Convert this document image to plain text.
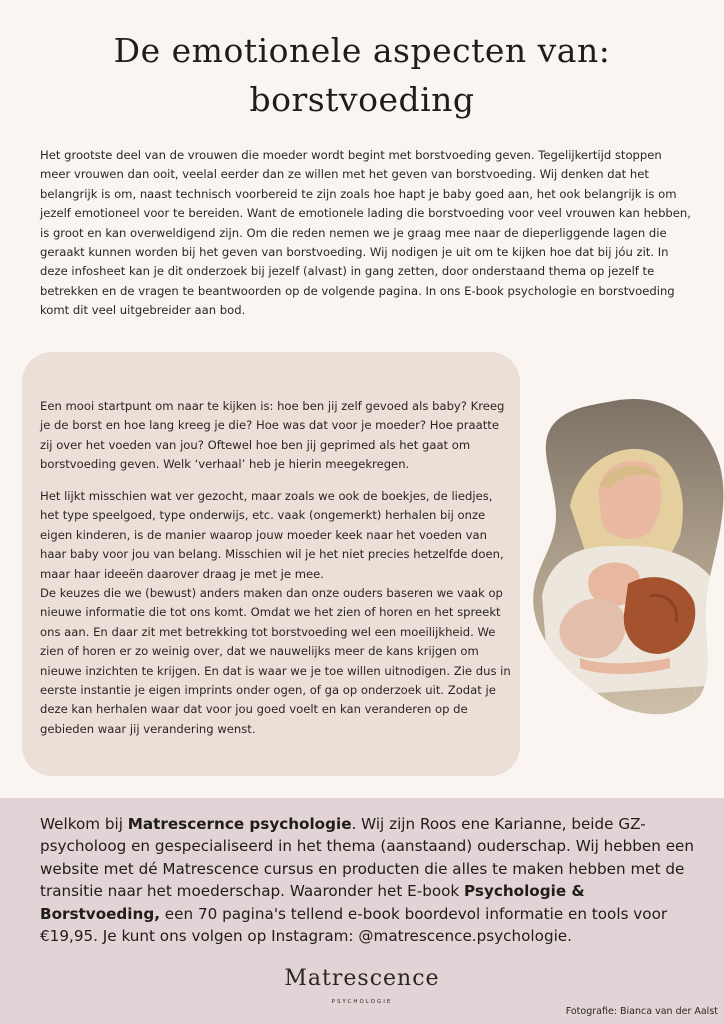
De emotionele aspecten van:
borstvoeding

Het grootste deel van de vrouwen die moeder wordt begint met borstvoeding geven. Tegelijkertijd stoppen meer vrouwen dan ooit, veelal eerder dan ze willen met het geven van borstvoeding. Wij denken dat het belangrijk is om, naast technisch voorbereid te zijn zoals hoe hapt je baby goed aan, het ook belangrijk is om jezelf emotioneel voor te bereiden. Want de emotionele lading die borstvoeding voor veel vrouwen kan hebben, is groot en kan overweldigend zijn. Om die reden nemen we je graag mee naar de dieperliggende lagen die geraakt kunnen worden bij het geven van borstvoeding. Wij nodigen je uit om te kijken hoe dat bij jóu zit. In deze infosheet kan je dit onderzoek bij jezelf (alvast) in gang zetten, door onderstaand thema op jezelf te betrekken en de vragen te beantwoorden op de volgende pagina. In ons E-book psychologie en borstvoeding komt dit veel uitgebreider aan bod.

Een mooi startpunt om naar te kijken is: hoe ben jij zelf gevoed als baby? Kreeg je de borst en hoe lang kreeg je die? Hoe was dat voor je moeder? Hoe praatte zij over het voeden van jou? Oftewel hoe ben jij geprimed als het gaat om borstvoeding geven. Welk ‘verhaal’ heb je hierin meegekregen.

Het lijkt misschien wat ver gezocht, maar zoals we ook de boekjes, de liedjes, het type speelgoed, type onderwijs, etc. vaak (ongemerkt) herhalen bij onze eigen kinderen, is de manier waarop jouw moeder keek naar het voeden van haar baby voor jou van belang. Misschien wil je het niet precies hetzelfde doen, maar haar ideeën daarover draag je met je mee.
De keuzes die we (bewust) anders maken dan onze ouders baseren we vaak op nieuwe informatie die tot ons komt. Omdat we het zien of horen en het spreekt ons aan. En daar zit met betrekking tot borstvoeding wel een moeilijkheid. We zien of horen er zo weinig over, dat we nauwelijks meer de kans krijgen om nieuwe inzichten te krijgen. En dat is waar we je toe willen uitnodigen. Zie dus in eerste instantie je eigen imprints onder ogen, of ga op onderzoek uit. Zodat je deze kan herhalen waar dat voor jou goed voelt en kan veranderen op de gebieden waar jij verandering wenst.

Welkom bij Matrescernce psychologie. Wij zijn Roos ene Karianne, beide GZ-psycholoog en gespecialiseerd in het thema (aanstaand) ouderschap. Wij hebben een website met dé Matrescence cursus en producten die alles te maken hebben met de transitie naar het moederschap. Waaronder het E-book Psychologie & Borstvoeding, een 70 pagina's tellend e-book boordevol informatie en tools voor €19,95. Je kunt ons volgen op Instagram: @matrescence.psychologie.

Matrescence
PSYCHOLOGIE
Fotografie: Bianca van der Aalst
